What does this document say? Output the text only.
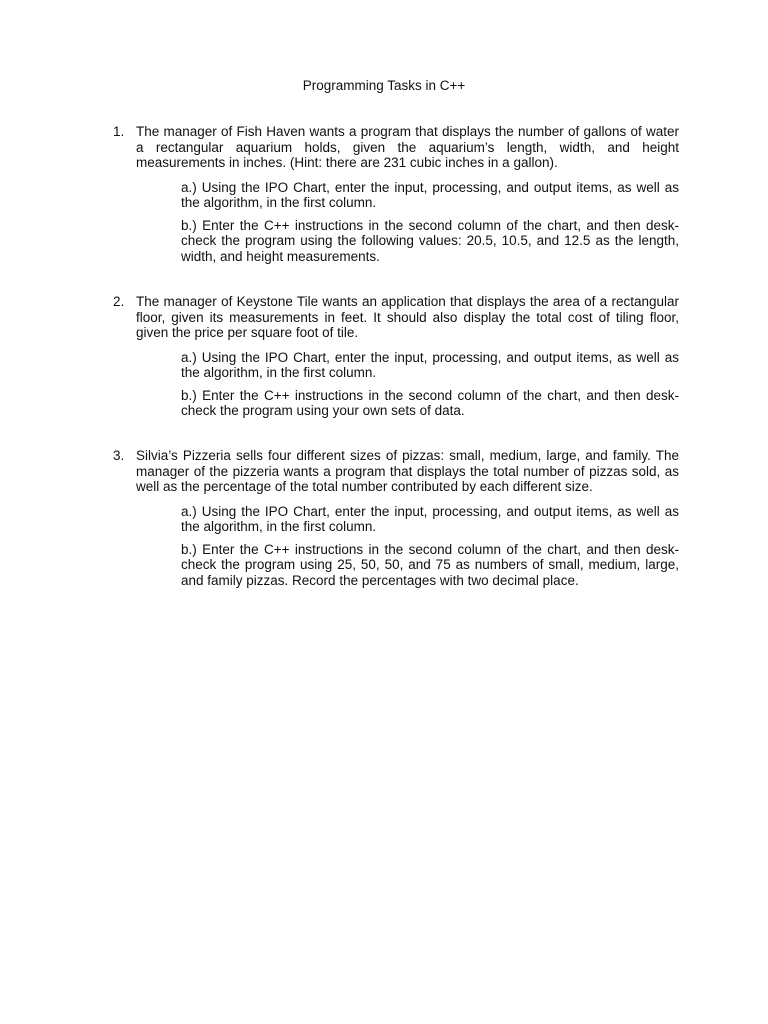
Programming Tasks in C++
1. The manager of Fish Haven wants a program that displays the number of gallons of water a rectangular aquarium holds, given the aquarium’s length, width, and height measurements in inches. (Hint: there are 231 cubic inches in a gallon).
a.) Using the IPO Chart, enter the input, processing, and output items, as well as the algorithm, in the first column.
b.) Enter the C++ instructions in the second column of the chart, and then desk-check the program using the following values: 20.5, 10.5, and 12.5 as the length, width, and height measurements.
2. The manager of Keystone Tile wants an application that displays the area of a rectangular floor, given its measurements in feet. It should also display the total cost of tiling floor, given the price per square foot of tile.
a.) Using the IPO Chart, enter the input, processing, and output items, as well as the algorithm, in the first column.
b.) Enter the C++ instructions in the second column of the chart, and then desk-check the program using your own sets of data.
3. Silvia’s Pizzeria sells four different sizes of pizzas: small, medium, large, and family. The manager of the pizzeria wants a program that displays the total number of pizzas sold, as well as the percentage of the total number contributed by each different size.
a.) Using the IPO Chart, enter the input, processing, and output items, as well as the algorithm, in the first column.
b.) Enter the C++ instructions in the second column of the chart, and then desk-check the program using 25, 50, 50, and 75 as numbers of small, medium, large, and family pizzas. Record the percentages with two decimal place.
